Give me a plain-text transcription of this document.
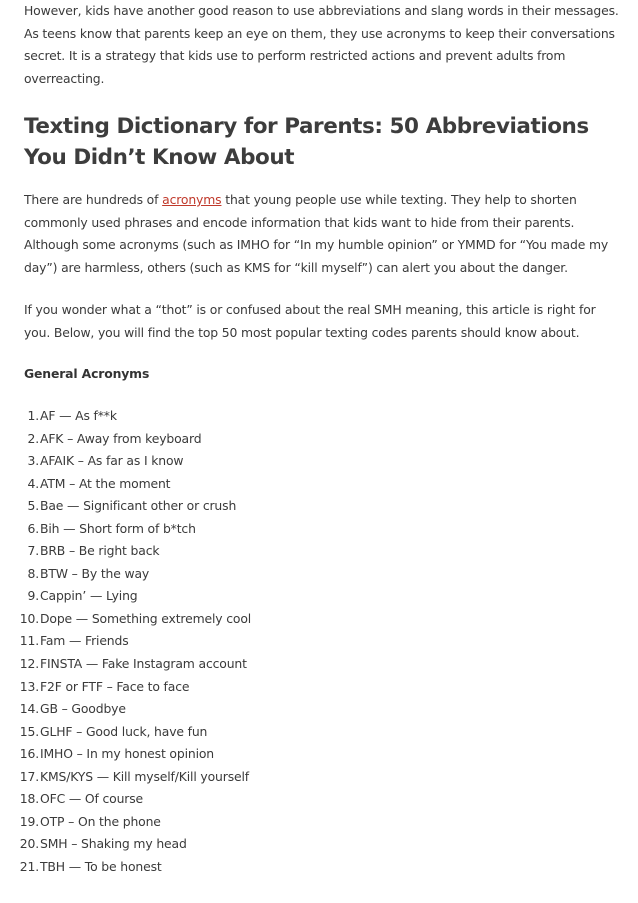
However, kids have another good reason to use abbreviations and slang words in their messages. As teens know that parents keep an eye on them, they use acronyms to keep their conversations secret. It is a strategy that kids use to perform restricted actions and prevent adults from overreacting.

Texting Dictionary for Parents: 50 Abbreviations You Didn’t Know About

There are hundreds of acronyms that young people use while texting. They help to shorten commonly used phrases and encode information that kids want to hide from their parents. Although some acronyms (such as IMHO for “In my humble opinion” or YMMD for “You made my day”) are harmless, others (such as KMS for “kill myself”) can alert you about the danger.

If you wonder what a “thot” is or confused about the real SMH meaning, this article is right for you. Below, you will find the top 50 most popular texting codes parents should know about.

General Acronyms
1. AF — As f**k
2. AFK – Away from keyboard
3. AFAIK – As far as I know
4. ATM – At the moment
5. Bae — Significant other or crush
6. Bih — Short form of b*tch
7. BRB – Be right back
8. BTW – By the way
9. Cappin’ — Lying
10. Dope — Something extremely cool
11. Fam — Friends
12. FINSTA — Fake Instagram account
13. F2F or FTF – Face to face
14. GB – Goodbye
15. GLHF – Good luck, have fun
16. IMHO – In my honest opinion
17. KMS/KYS — Kill myself/Kill yourself
18. OFC — Of course
19. OTP – On the phone
20. SMH – Shaking my head
21. TBH — To be honest
